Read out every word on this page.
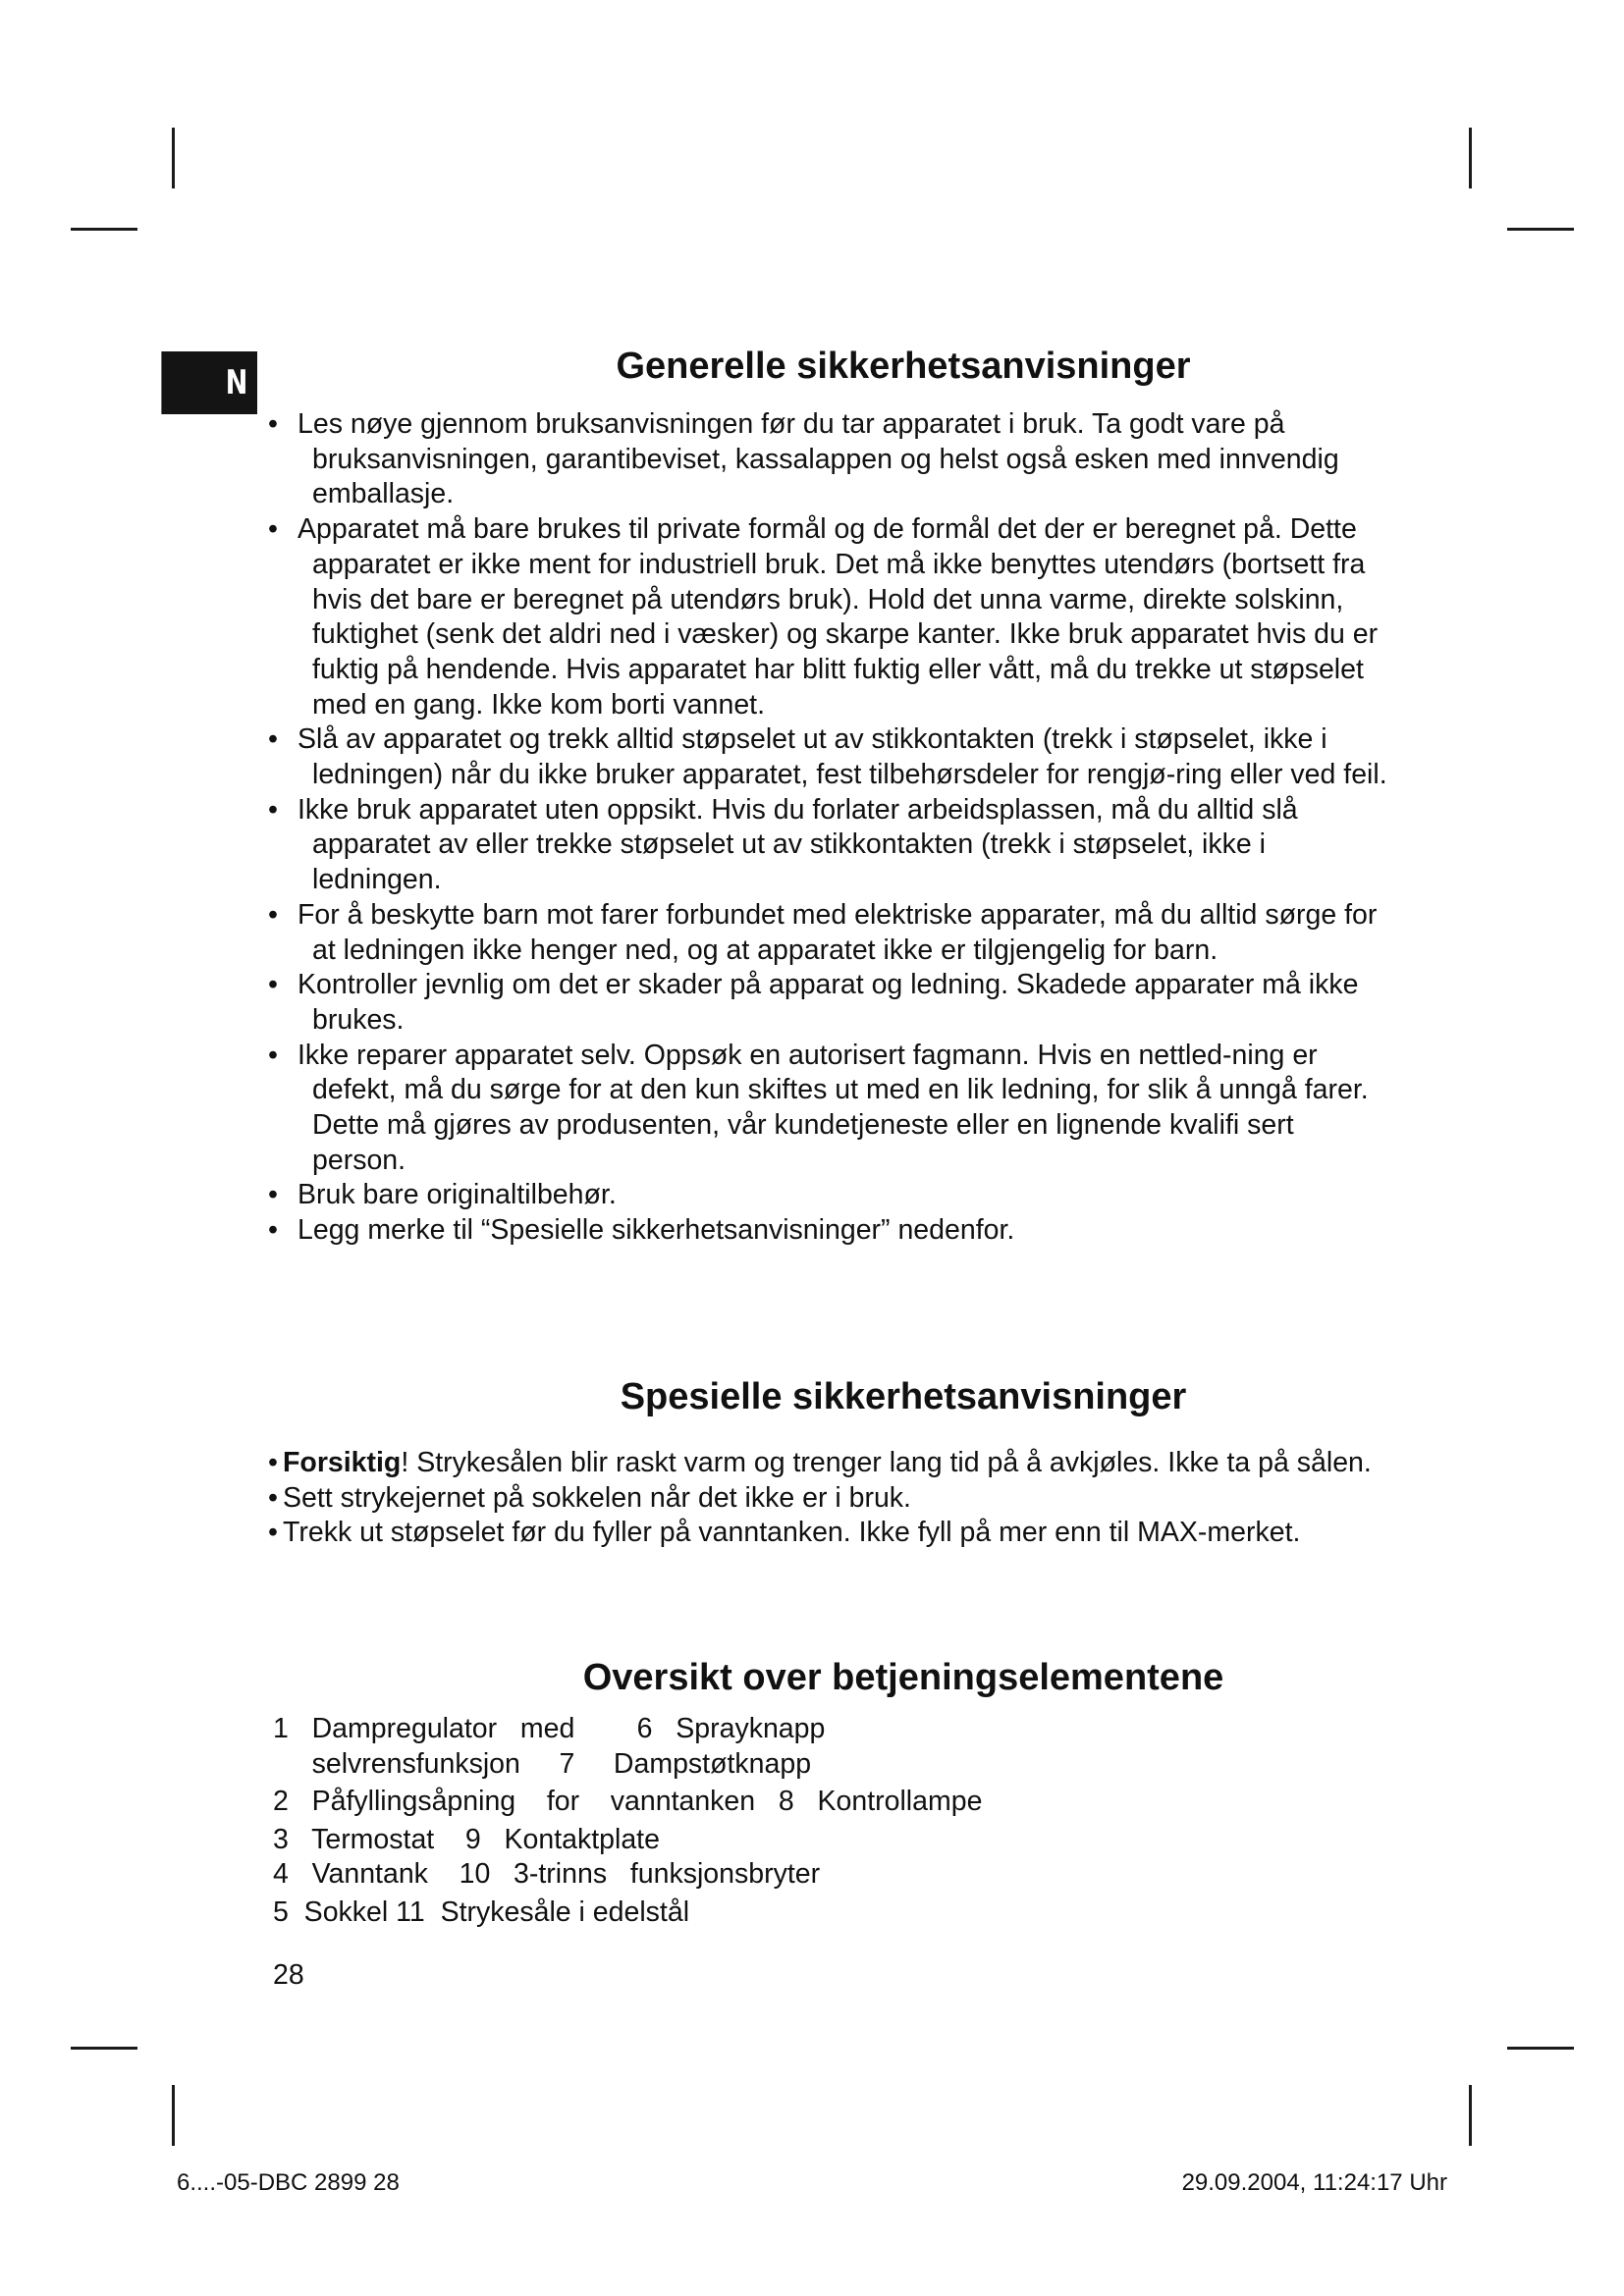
N	Generelle sikkerhetsanvisninger
• Les nøye gjennom bruksanvisningen før du tar apparatet i bruk. Ta godt vare på bruksanvisningen, garantibeviset, kassalappen og helst også esken med innvendig emballasje.
• Apparatet må bare brukes til private formål og de formål det der er beregnet på. Dette apparatet er ikke ment for industriell bruk. Det må ikke benyttes utendørs (bortsett fra hvis det bare er beregnet på utendørs bruk). Hold det unna varme, direkte solskinn, fuktighet (senk det aldri ned i væsker) og skarpe kanter. Ikke bruk apparatet hvis du er fuktig på hendende. Hvis apparatet har blitt fuktig eller vått, må du trekke ut støpselet med en gang. Ikke kom borti vannet.
• Slå av apparatet og trekk alltid støpselet ut av stikkontakten (trekk i støpselet, ikke i ledningen) når du ikke bruker apparatet, fest tilbehørsdeler for rengjø-ring eller ved feil.
• Ikke bruk apparatet uten oppsikt. Hvis du forlater arbeidsplassen, må du alltid slå apparatet av eller trekke støpselet ut av stikkontakten (trekk i støpselet, ikke i ledningen.
• For å beskytte barn mot farer forbundet med elektriske apparater, må du alltid sørge for at ledningen ikke henger ned, og at apparatet ikke er tilgjengelig for barn.
• Kontroller jevnlig om det er skader på apparat og ledning. Skadede apparater må ikke brukes.
• Ikke reparer apparatet selv. Oppsøk en autorisert fagmann. Hvis en nettled-ning er defekt, må du sørge for at den kun skiftes ut med en lik ledning, for slik å unngå farer. Dette må gjøres av produsenten, vår kundetjeneste eller en lignende kvalifi sert person.
• Bruk bare originaltilbehør.
• Legg merke til “Spesielle sikkerhetsanvisninger” nedenfor.
Spesielle sikkerhetsanvisninger
• Forsiktig! Strykesålen blir raskt varm og trenger lang tid på å avkjøles. Ikke ta på sålen.
• Sett strykejernet på sokkelen når det ikke er i bruk.
• Trekk ut støpselet før du fyller på vanntanken. Ikke fyll på mer enn til MAX-merket.
Oversikt over betjeningselementene
1   Dampregulator   med        6   Sprayknapp
selvrensfunksjon     7     Dampstøtknapp
2   Påfyllingsåpning    for    vanntanken   8   Kontrollampe
3   Termostat    9   Kontaktplate
4   Vanntank    10   3-trinns   funksjonsbryter
5  Sokkel 11  Strykesåle i edelstål
28
6....-05-DBC 2899 28	29.09.2004, 11:24:17 Uhr
